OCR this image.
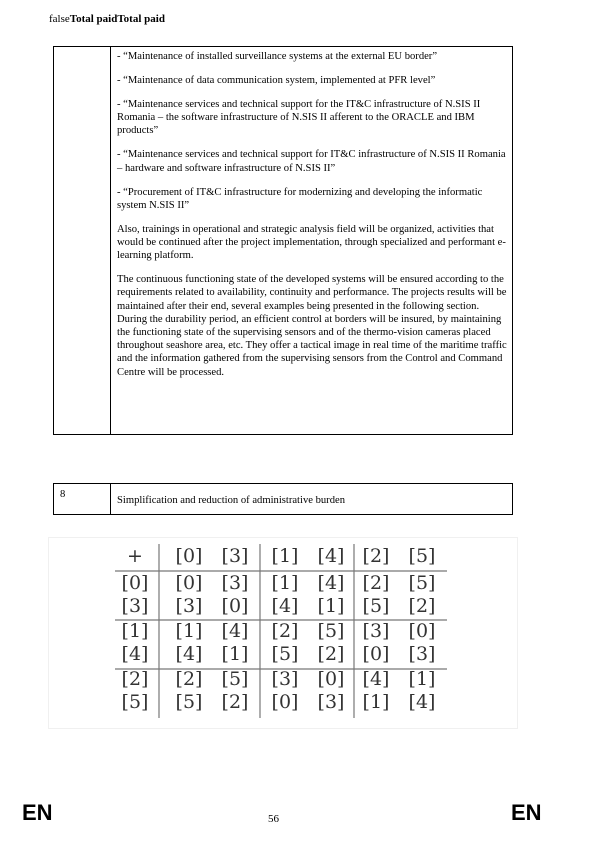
falseTotal paidTotal paid

- “Maintenance of installed surveillance systems at the external EU border”

- “Maintenance of data communication system, implemented at PFR level”

- “Maintenance services and technical support for the IT&C infrastructure of N.SIS II Romania – the software infrastructure of N.SIS II afferent to the ORACLE and IBM products”

- “Maintenance services and technical support for IT&C infrastructure of N.SIS II Romania – hardware and software infrastructure of N.SIS II”

- “Procurement of IT&C infrastructure for modernizing and developing the informatic system N.SIS II”

Also, trainings in operational and strategic analysis field will be organized, activities that would be continued after the project implementation, through specialized and performant e-learning platform.

The continuous functioning state of the developed systems will be ensured according to the requirements related to availability, continuity and performance. The projects results will be maintained after their end, several examples being presented in the following section. During the durability period, an efficient control at borders will be insured, by maintaining the functioning state of the supervising sensors and of the thermo-vision cameras placed throughout seashore area, etc. They offer a tactical image in real time of the maritime traffic and the information gathered from the supervising sensors from the Control and Command Centre will be processed.

8
Simplification and reduction of administrative burden
+ [0] [3] [1] [4] [2] [5]
[0] [0] [3] [1] [4] [2] [5]
[3] [3] [0] [4] [1] [5] [2]
[1] [1] [4] [2] [5] [3] [0]
[4] [4] [1] [5] [2] [0] [3]
[2] [2] [5] [3] [0] [4] [1]
[5] [5] [2] [0] [3] [1] [4]
EN	56	EN
